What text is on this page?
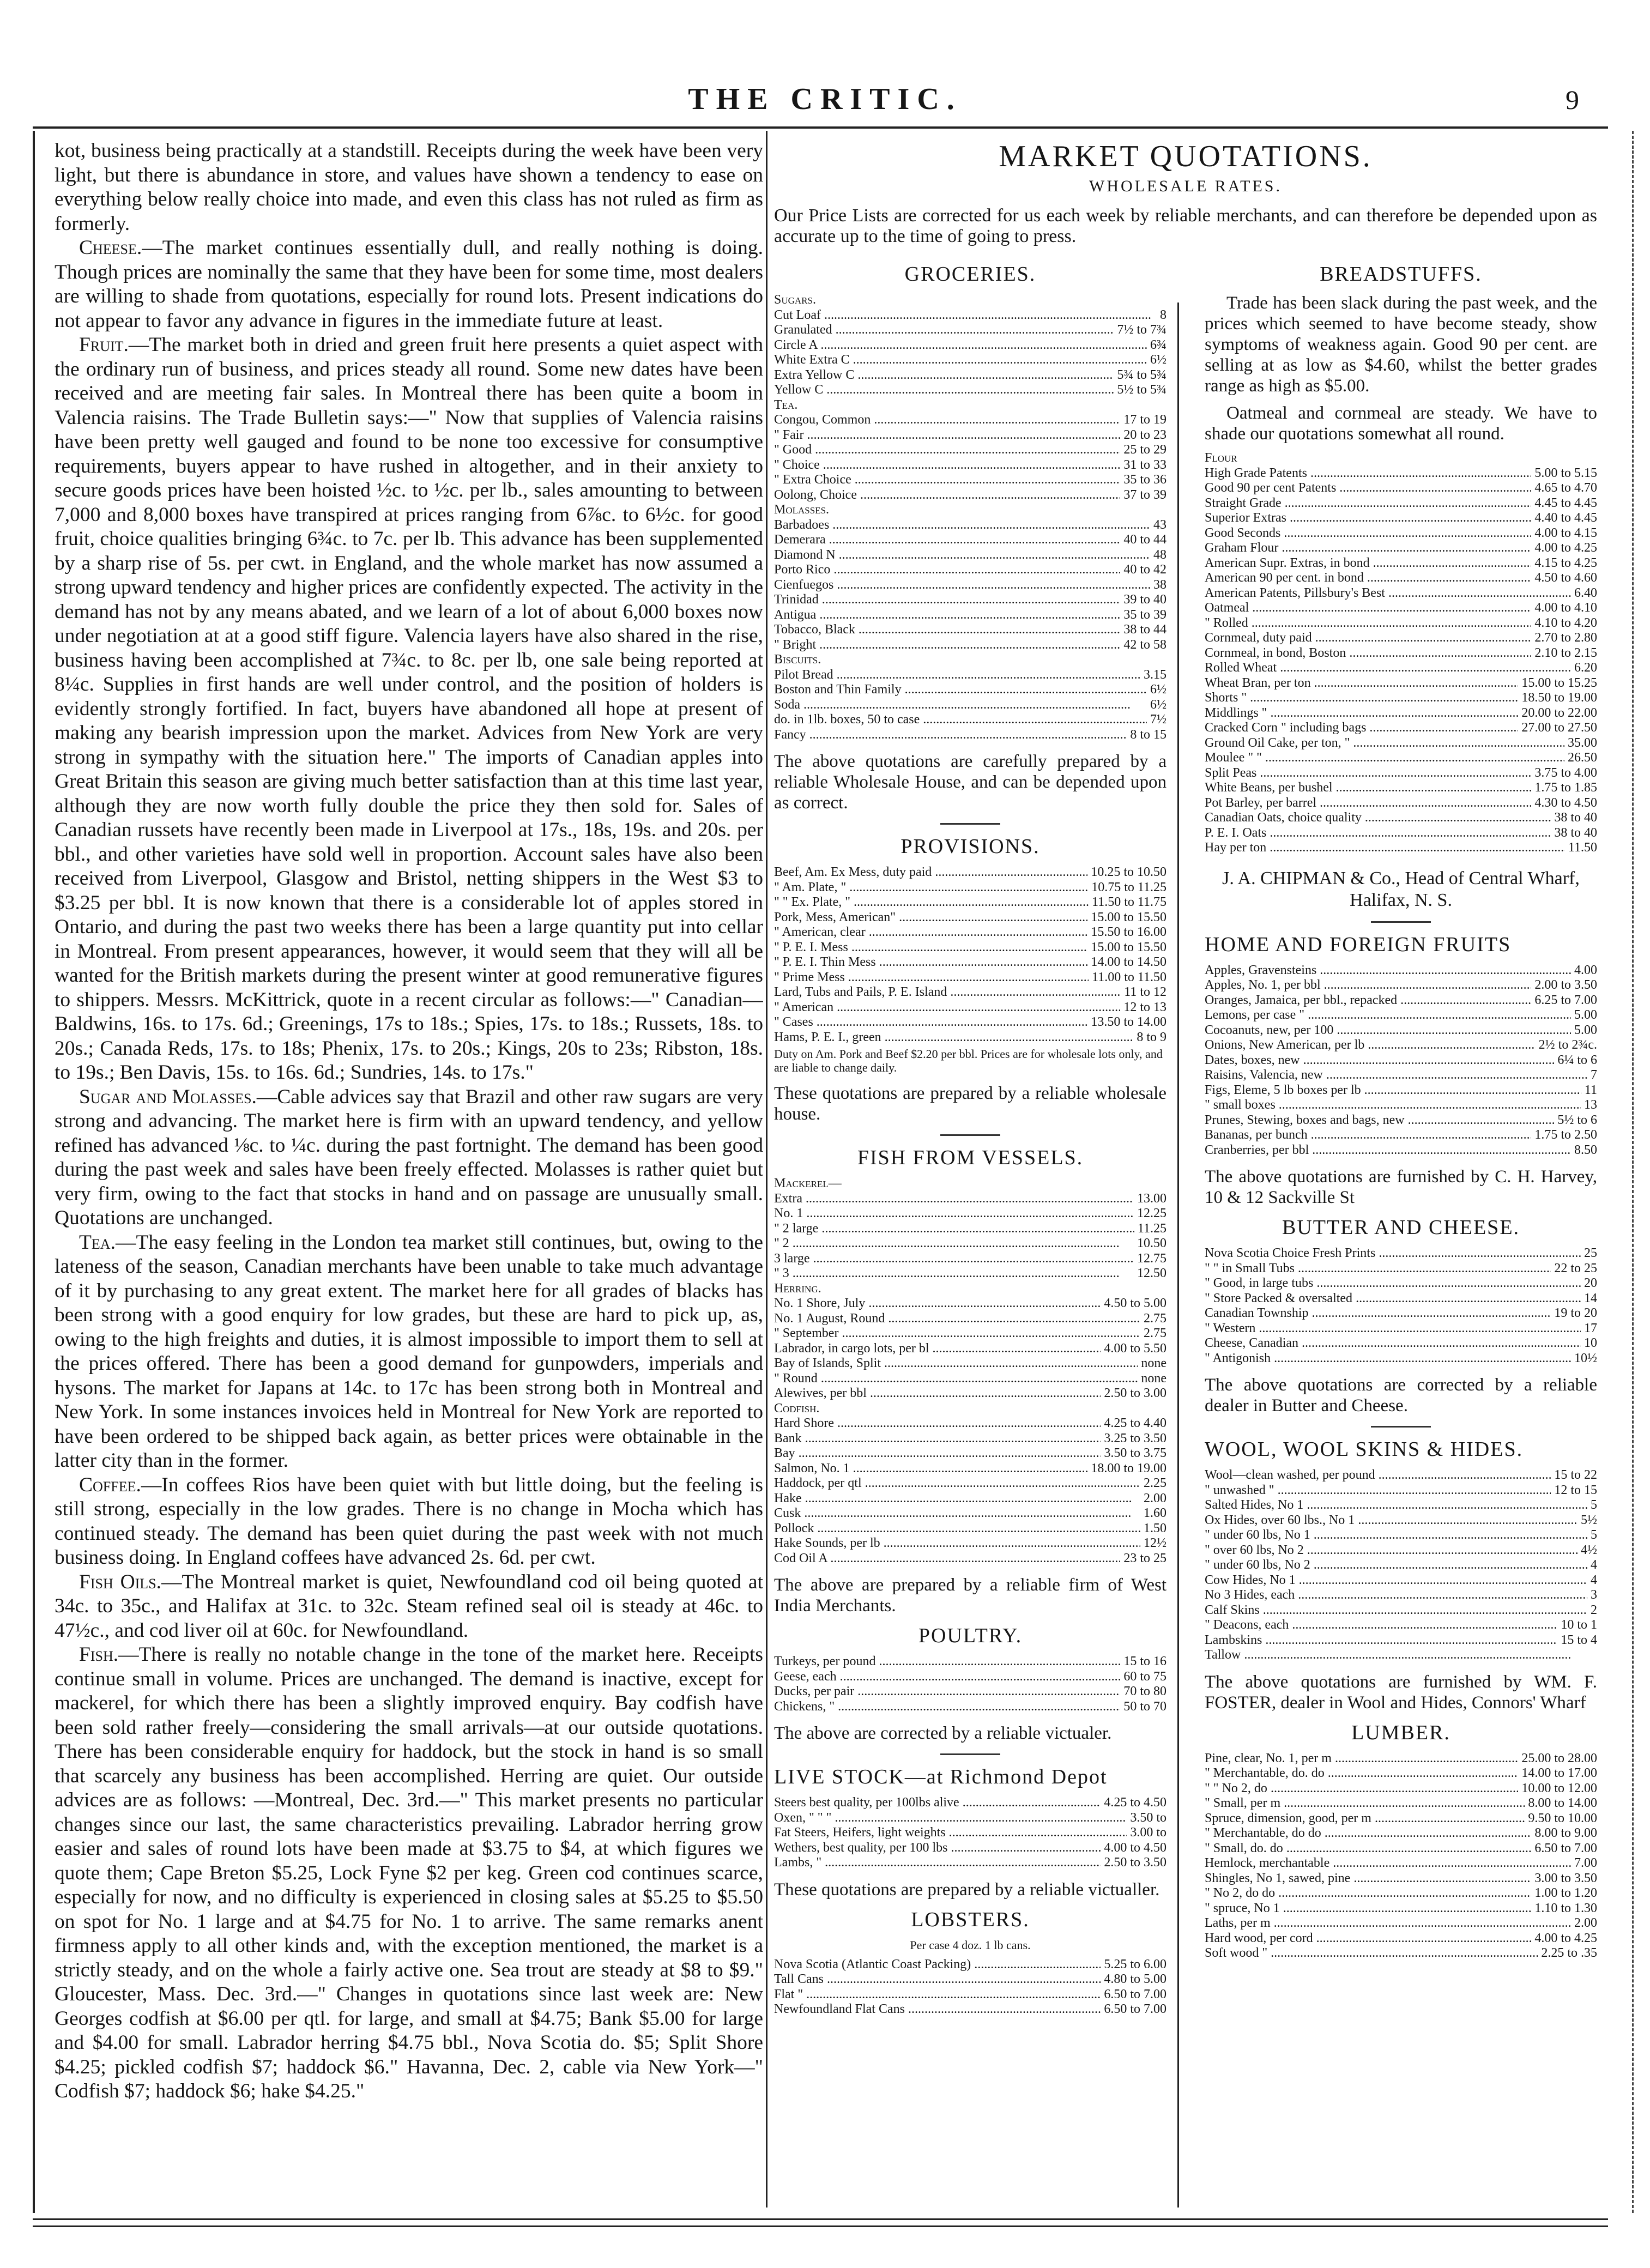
THE CRITIC.	9

kot, business being practically at a standstill. Receipts during the week have been very light, but there is abundance in store, and values have shown a tendency to ease on everything below really choice into made, and even this class has not ruled as firm as formerly.

Cheese.—The market continues essentially dull, and really nothing is doing. Though prices are nominally the same that they have been for some time, most dealers are willing to shade from quotations, especially for round lots. Present indications do not appear to favor any advance in figures in the immediate future at least.

Fruit.—The market both in dried and green fruit here presents a quiet aspect with the ordinary run of business, and prices steady all round. Some new dates have been received and are meeting fair sales. In Montreal there has been quite a boom in Valencia raisins. The Trade Bulletin says:—" Now that supplies of Valencia raisins have been pretty well gauged and found to be none too excessive for consumptive requirements, buyers appear to have rushed in altogether, and in their anxiety to secure goods prices have been hoisted ½c. to ½c. per lb., sales amounting to between 7,000 and 8,000 boxes have transpired at prices ranging from 6⅞c. to 6½c. for good fruit, choice qualities bringing 6¾c. to 7c. per lb. This advance has been supplemented by a sharp rise of 5s. per cwt. in England, and the whole market has now assumed a strong upward tendency and higher prices are confidently expected. The activity in the demand has not by any means abated, and we learn of a lot of about 6,000 boxes now under negotiation at at a good stiff figure. Valencia layers have also shared in the rise, business having been accomplished at 7¾c. to 8c. per lb, one sale being reported at 8¼c. Supplies in first hands are well under control, and the position of holders is evidently strongly fortified. In fact, buyers have abandoned all hope at present of making any bearish impression upon the market. Advices from New York are very strong in sympathy with the situation here." The imports of Canadian apples into Great Britain this season are giving much better satisfaction than at this time last year, although they are now worth fully double the price they then sold for. Sales of Canadian russets have recently been made in Liverpool at 17s., 18s, 19s. and 20s. per bbl., and other varieties have sold well in proportion. Account sales have also been received from Liverpool, Glasgow and Bristol, netting shippers in the West $3 to $3.25 per bbl. It is now known that there is a considerable lot of apples stored in Ontario, and during the past two weeks there has been a large quantity put into cellar in Montreal. From present appearances, however, it would seem that they will all be wanted for the British markets during the present winter at good remunerative figures to shippers. Messrs. McKittrick, quote in a recent circular as follows:—" Canadian—Baldwins, 16s. to 17s. 6d.; Greenings, 17s to 18s.; Spies, 17s. to 18s.; Russets, 18s. to 20s.; Canada Reds, 17s. to 18s; Phenix, 17s. to 20s.; Kings, 20s to 23s; Ribston, 18s. to 19s.; Ben Davis, 15s. to 16s. 6d.; Sundries, 14s. to 17s."

Sugar and Molasses.—Cable advices say that Brazil and other raw sugars are very strong and advancing. The market here is firm with an upward tendency, and yellow refined has advanced ⅛c. to ¼c. during the past fortnight. The demand has been good during the past week and sales have been freely effected. Molasses is rather quiet but very firm, owing to the fact that stocks in hand and on passage are unusually small. Quotations are unchanged.

Tea.—The easy feeling in the London tea market still continues, but, owing to the lateness of the season, Canadian merchants have been unable to take much advantage of it by purchasing to any great extent. The market here for all grades of blacks has been strong with a good enquiry for low grades, but these are hard to pick up, as, owing to the high freights and duties, it is almost impossible to import them to sell at the prices offered. There has been a good demand for gunpowders, imperials and hysons. The market for Japans at 14c. to 17c has been strong both in Montreal and New York. In some instances invoices held in Montreal for New York are reported to have been ordered to be shipped back again, as better prices were obtainable in the latter city than in the former.

Coffee.—In coffees Rios have been quiet with but little doing, but the feeling is still strong, especially in the low grades. There is no change in Mocha which has continued steady. The demand has been quiet during the past week with not much business doing. In England coffees have advanced 2s. 6d. per cwt.

Fish Oils.—The Montreal market is quiet, Newfoundland cod oil being quoted at 34c. to 35c., and Halifax at 31c. to 32c. Steam refined seal oil is steady at 46c. to 47½c., and cod liver oil at 60c. for Newfoundland.

Fish.—There is really no notable change in the tone of the market here. Receipts continue small in volume. Prices are unchanged. The demand is inactive, except for mackerel, for which there has been a slightly improved enquiry. Bay codfish have been sold rather freely—considering the small arrivals—at our outside quotations. There has been considerable enquiry for haddock, but the stock in hand is so small that scarcely any business has been accomplished. Herring are quiet. Our outside advices are as follows: —Montreal, Dec. 3rd.—" This market presents no particular changes since our last, the same characteristics prevailing. Labrador herring grow easier and sales of round lots have been made at $3.75 to $4, at which figures we quote them; Cape Breton $5.25, Lock Fyne $2 per keg. Green cod continues scarce, especially for now, and no difficulty is experienced in closing sales at $5.25 to $5.50 on spot for No. 1 large and at $4.75 for No. 1 to arrive. The same remarks anent firmness apply to all other kinds and, with the exception mentioned, the market is a strictly steady, and on the whole a fairly active one. Sea trout are steady at $8 to $9." Gloucester, Mass. Dec. 3rd.—" Changes in quotations since last week are: New Georges codfish at $6.00 per qtl. for large, and small at $4.75; Bank $5.00 for large and $4.00 for small. Labrador herring $4.75 bbl., Nova Scotia do. $5; Split Shore $4.25; pickled codfish $7; haddock $6." Havanna, Dec. 2, cable via New York—" Codfish $7; haddock $6; hake $4.25."

MARKET QUOTATIONS.
WHOLESALE RATES.
Our Price Lists are corrected for us each week by reliable merchants, and can therefore be depended upon as accurate up to the time of going to press.
GROCERIES.
Sugars.
Cut Loaf .....	8
Granulated .....	7½ to 7¾
Circle A .....	6¾
White Extra C .....	6½
Extra Yellow C .....	5¾ to 5¾
Yellow C .....	5½ to 5¾
Tea.
Congou, Common .....	17 to 19
" Fair .....	20 to 23
" Good .....	25 to 29
" Choice .....	31 to 33
" Extra Choice .....	35 to 36
Oolong, Choice .....	37 to 39
Molasses.
Barbadoes .....	43
Demerara .....	40 to 44
Diamond N .....	48
Porto Rico .....	40 to 42
Cienfuegos .....	38
Trinidad .....	39 to 40
Antigua .....	35 to 39
Tobacco, Black .....	38 to 44
" Bright .....	42 to 58
Biscuits.
Pilot Bread .....	3.15
Boston and Thin Family .....	6½
Soda .....	6½
do. in 1lb. boxes, 50 to case .....	7½
Fancy .....	8 to 15
The above quotations are carefully prepared by a reliable Wholesale House, and can be depended upon as correct.
PROVISIONS.
Beef, Am. Ex Mess, duty paid .....	10.25 to 10.50
" Am. Plate, " .....	10.75 to 11.25
" " Ex. Plate, " .....	11.50 to 11.75
Pork, Mess, American" .....	15.00 to 15.50
" American, clear .....	15.50 to 16.00
" P. E. I. Mess .....	15.00 to 15.50
" P. E. I. Thin Mess .....	14.00 to 14.50
" Prime Mess .....	11.00 to 11.50
Lard, Tubs and Pails, P. E. Island .....	11 to 12
" American .....	12 to 13
" Cases .....	13.50 to 14.00
Hams, P. E. I., green .....	8 to 9
Duty on Am. Pork and Beef $2.20 per bbl. Prices are for wholesale lots only, and are liable to change daily.
These quotations are prepared by a reliable wholesale house.
FISH FROM VESSELS.
Mackerel—
Extra .....	13.00
No. 1 .....	12.25
" 2 large .....	11.25
" 2 .....	10.50
3 large .....	12.75
" 3 .....	12.50
Herring.
No. 1 Shore, July .....	4.50 to 5.00
No. 1 August, Round .....	2.75
" September .....	2.75
Labrador, in cargo lots, per bl .....	4.00 to 5.50
Bay of Islands, Split .....	none
" Round .....	none
Alewives, per bbl .....	2.50 to 3.00
Codfish.
Hard Shore .....	4.25 to 4.40
Bank .....	3.25 to 3.50
Bay .....	3.50 to 3.75
Salmon, No. 1 .....	18.00 to 19.00
Haddock, per qtl .....	2.25
Hake .....	2.00
Cusk .....	1.60
Pollock .....	1.50
Hake Sounds, per lb .....	12½
Cod Oil A .....	23 to 25
The above are prepared by a reliable firm of West India Merchants.
POULTRY.
Turkeys, per pound .....	15 to 16
Geese, each .....	60 to 75
Ducks, per pair .....	70 to 80
Chickens, " .....	50 to 70
The above are corrected by a reliable victualer.
LIVE STOCK—at Richmond Depot
Steers best quality, per 100lbs alive .....	4.25 to 4.50
Oxen, " " " .....	3.50 to
Fat Steers, Heifers, light weights .....	3.00 to
Wethers, best quality, per 100 lbs .....	4.00 to 4.50
Lambs, " .....	2.50 to 3.50
These quotations are prepared by a reliable victualler.
LOBSTERS.
Per case 4 doz. 1 lb cans.
Nova Scotia (Atlantic Coast Packing) .....	5.25 to 6.00
Tall Cans .....	4.80 to 5.00
Flat " .....	6.50 to 7.00
Newfoundland Flat Cans .....	6.50 to 7.00
BREADSTUFFS.
Trade has been slack during the past week, and the prices which seemed to have become steady, show symptoms of weakness again. Good 90 per cent. are selling at as low as $4.60, whilst the better grades range as high as $5.00.
Oatmeal and cornmeal are steady. We have to shade our quotations somewhat all round.
Flour
High Grade Patents .....	5.00 to 5.15
Good 90 per cent Patents .....	4.65 to 4.70
Straight Grade .....	4.45 to 4.45
Superior Extras .....	4.40 to 4.45
Good Seconds .....	4.00 to 4.15
Graham Flour .....	4.00 to 4.25
American Supr. Extras, in bond .....	4.15 to 4.25
American 90 per cent. in bond .....	4.50 to 4.60
American Patents, Pillsbury's Best .....	6.40
Oatmeal .....	4.00 to 4.10
" Rolled .....	4.10 to 4.20
Cornmeal, duty paid .....	2.70 to 2.80
Cornmeal, in bond, Boston .....	2.10 to 2.15
Rolled Wheat .....	6.20
Wheat Bran, per ton .....	15.00 to 15.25
Shorts " .....	18.50 to 19.00
Middlings " .....	20.00 to 22.00
Cracked Corn " including bags .....	27.00 to 27.50
Ground Oil Cake, per ton, " .....	35.00
Moulee " " .....	26.50
Split Peas .....	3.75 to 4.00
White Beans, per bushel .....	1.75 to 1.85
Pot Barley, per barrel .....	4.30 to 4.50
Canadian Oats, choice quality .....	38 to 40
P. E. I. Oats .....	38 to 40
Hay per ton .....	11.50
J. A. CHIPMAN & Co., Head of Central Wharf, Halifax, N. S.
HOME AND FOREIGN FRUITS
Apples, Gravensteins .....	4.00
Apples, No. 1, per bbl .....	2.00 to 3.50
Oranges, Jamaica, per bbl., repacked .....	6.25 to 7.00
Lemons, per case " .....	5.00
Cocoanuts, new, per 100 .....	5.00
Onions, New American, per lb .....	2½ to 2¾c.
Dates, boxes, new .....	6¼ to 6
Raisins, Valencia, new .....	7
Figs, Eleme, 5 lb boxes per lb .....	11
" small boxes .....	13
Prunes, Stewing, boxes and bags, new .....	5½ to 6
Bananas, per bunch .....	1.75 to 2.50
Cranberries, per bbl .....	8.50
The above quotations are furnished by C. H. Harvey, 10 & 12 Sackville St
BUTTER AND CHEESE.
Nova Scotia Choice Fresh Prints .....	25
" " in Small Tubs .....	22 to 25
" Good, in large tubs .....	20
" Store Packed & oversalted .....	14
Canadian Township .....	19 to 20
" Western .....	17
Cheese, Canadian .....	10
" Antigonish .....	10½
The above quotations are corrected by a reliable dealer in Butter and Cheese.
WOOL, WOOL SKINS & HIDES.
Wool—clean washed, per pound .....	15 to 22
" unwashed " .....	12 to 15
Salted Hides, No 1 .....	5
Ox Hides, over 60 lbs., No 1 .....	5½
" under 60 lbs, No 1 .....	5
" over 60 lbs, No 2 .....	4½
" under 60 lbs, No 2 .....	4
Cow Hides, No 1 .....	4
No 3 Hides, each .....	3
Calf Skins .....	2
" Deacons, each .....	10 to 1
Lambskins .....	15 to 4
Tallow .....
The above quotations are furnished by WM. F. FOSTER, dealer in Wool and Hides, Connors' Wharf
LUMBER.
Pine, clear, No. 1, per m .....	25.00 to 28.00
" Merchantable, do. do .....	14.00 to 17.00
" " No 2, do .....	10.00 to 12.00
" Small, per m .....	8.00 to 14.00
Spruce, dimension, good, per m .....	9.50 to 10.00
" Merchantable, do do .....	8.00 to 9.00
" Small, do. do .....	6.50 to 7.00
Hemlock, merchantable .....	7.00
Shingles, No 1, sawed, pine .....	3.00 to 3.50
" No 2, do do .....	1.00 to 1.20
" spruce, No 1 .....	1.10 to 1.30
Laths, per m .....	2.00
Hard wood, per cord .....	4.00 to 4.25
Soft wood " .....	2.25 to .35
